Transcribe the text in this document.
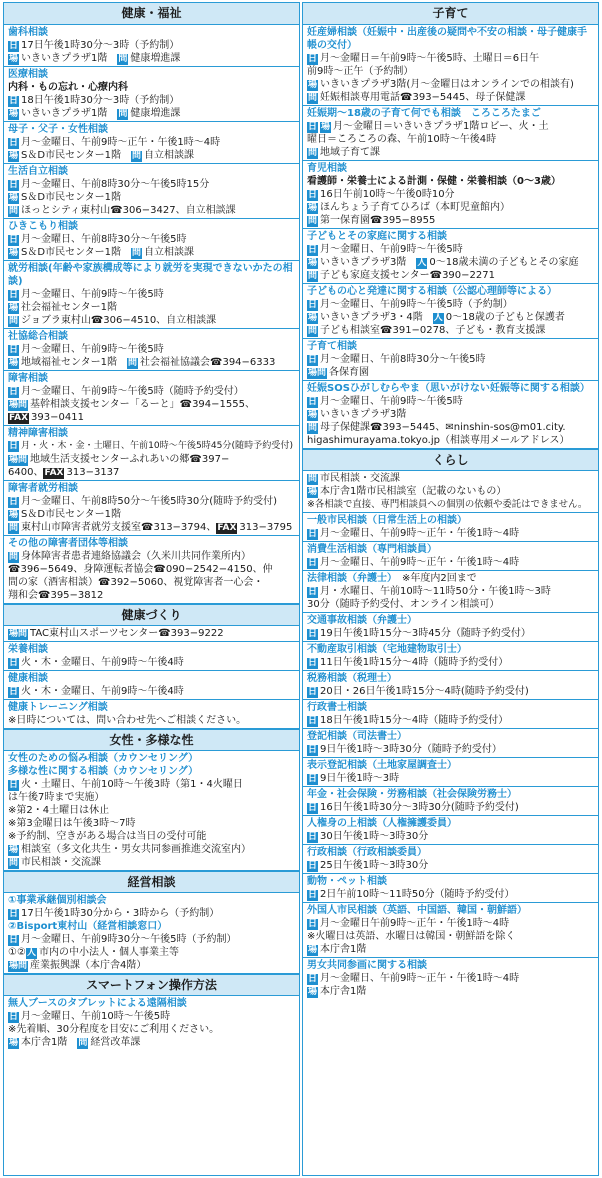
健康・福祉
歯科相談
日 17日午後1時30分～3時（予約制）
場 いきいきプラザ1階　問 健康増進課
医療相談
内科・もの忘れ・心療内科
日 18日午後1時30分～3時（予約制）
場 いきいきプラザ1階　問 健康増進課
母子・父子・女性相談
日 月～金曜日、午前9時～正午・午後1時～4時
場 S＆D市民センター1階　問 自立相談課
生活自立相談
日 月～金曜日、午前8時30分～午後5時15分
場 S＆D市民センター1階
問 ほっとシティ東村山☎306−3427、自立相談課
ひきこもり相談
日 月～金曜日、午前8時30分～午後5時
場 S＆D市民センター1階　問 自立相談課
就労相談(年齢や家族構成等により就労を実現できないかたの相談)
日 月～金曜日、午前9時～午後5時
場 社会福祉センター1階
問 ジョブラ東村山☎306−4510、自立相談課
社協総合相談
日 月～金曜日、午前9時～午後5時
場 地域福祉センター1階　問 社会福祉協議会☎394−6333
障害相談
日 月～金曜日、午前9時～午後5時（随時予約受付）
場問 基幹相談支援センター「るーと」☎394−1555、
FAX 393−0411
精神障害相談
日 月・火・木・金・土曜日、午前10時～午後5時45分(随時予約受付)
場問 地域生活支援センターふれあいの郷☎397−
6400、FAX 313−3137
障害者就労相談
日 月～金曜日、午前8時50分～午後5時30分(随時予約受付)
場 S＆D市民センター1階
問 東村山市障害者就労支援室☎313−3794、FAX 313−3795
その他の障害者団体等相談
問 身体障害者患者連絡協議会（久米川共同作業所内）
☎396−5649、身障運転者協会☎090−2542−4150、仲
間の家（酒害相談）☎392−5060、視覚障害者一心会・
翔和会☎395−3812
健康づくり
場問 TAC東村山スポーツセンター☎393−9222
栄養相談
日 火・木・金曜日、午前9時～午後4時
健康相談
日 火・木・金曜日、午前9時～午後4時
健康トレーニング相談
※日時については、問い合わせ先へご相談ください。
女性・多様な性
女性のための悩み相談（カウンセリング）
多様な性に関する相談（カウンセリング）
日 火・土曜日、午前10時～午後3時（第1・4火曜日
は午後7時まで実施）
※第2・4土曜日は休止
※第3金曜日は午後3時～7時
※予約制、空きがある場合は当日の受付可能
場 相談室（多文化共生・男女共同参画推進交流室内）
問 市民相談・交流課
経営相談
①事業承継個別相談会
日 17日午後1時30分から・3時から（予約制）
②Bisport東村山（経営相談窓口）
日 月～金曜日、午前9時30分～午後5時（予約制）
①②人 市内の中小法人・個人事業主等
場問 産業振興課（本庁舎4階）
スマートフォン操作方法
無人ブースのタブレットによる遠隔相談
日 月～金曜日、午前10時～午後5時
※先着順、30分程度を目安にご利用ください。
場 本庁舎1階　問 経営改革課
子育て
妊産婦相談（妊娠中・出産後の疑問や不安の相談・母子健康手帳の交付）
日 月～金曜日＝午前9時～午後5時、土曜日＝6日午
前9時～正午（予約制）
場 いきいきプラザ3階(月～金曜日はオンラインでの相談有)
問 妊娠相談専用電話☎393−5445、母子保健課
妊娠期～18歳の子育て何でも相談　ころころたまご
日 場 月～金曜日＝いきいきプラザ1階ロビー、火・土
曜日＝ころころの森、午前10時～午後4時
問 地域子育て課
育児相談
看護師・栄養士による計測・保健・栄養相談（0～3歳）
日 16日午前10時～午後0時10分
場 ほんちょう子育てひろば（本町児童館内）
問 第一保育園☎395−8955
子どもとその家庭に関する相談
日 月～金曜日、午前9時～午後5時
場 いきいきプラザ3階　人 0～18歳未満の子どもとその家庭
問 子ども家庭支援センター☎390−2271
子どもの心と発達に関する相談（公認心理師等による）
日 月～金曜日、午前9時～午後5時（予約制）
場 いきいきプラザ3・4階　人 0～18歳の子どもと保護者
問 子ども相談室☎391−0278、子ども・教育支援課
子育て相談
日 月～金曜日、午前8時30分～午後5時
場問 各保育園
妊娠SOSひがしむらやま（思いがけない妊娠等に関する相談）
日 月～金曜日、午前9時～午後5時
場 いきいきプラザ3階
問 母子保健課☎393−5445、✉ninshin-sos@m01.city.
higashimurayama.tokyo.jp（相談専用メールアドレス）
くらし
問 市民相談・交流課
場 本庁舎1階市民相談室（記載のないもの）
※各相談で直接、専門相談員への個別の依頼や委託はできません。
一般市民相談（日常生活上の相談）
日 月～金曜日、午前9時～正午・午後1時～4時
消費生活相談（専門相談員）
日 月～金曜日、午前9時～正午・午後1時～4時
法律相談（弁護士）　※年度内2回まで
日 月・水曜日、午前10時～11時50分・午後1時～3時
30分（随時予約受付、オンライン相談可）
交通事故相談（弁護士）
日 19日午後1時15分～3時45分（随時予約受付）
不動産取引相談（宅地建物取引士）
日 11日午後1時15分～4時（随時予約受付）
税務相談（税理士）
日 20日・26日午後1時15分～4時(随時予約受付)
行政書士相談
日 18日午後1時15分～4時（随時予約受付）
登記相談（司法書士）
日 9日午後1時～3時30分（随時予約受付）
表示登記相談（土地家屋調査士）
日 9日午後1時～3時
年金・社会保険・労務相談（社会保険労務士）
日 16日午後1時30分～3時30分(随時予約受付)
人権身の上相談（人権擁護委員）
日 30日午後1時～3時30分
行政相談（行政相談委員）
日 25日午後1時～3時30分
動物・ペット相談
日 2日午前10時～11時50分（随時予約受付）
外国人市民相談（英語、中国語、韓国・朝鮮語）
日 月～金曜日午前9時～正午・午後1時～4時
※火曜日は英語、水曜日は韓国・朝鮮語を除く
場 本庁舎1階
男女共同参画に関する相談
日 月～金曜日、午前9時～正午・午後1時～4時
場 本庁舎1階
